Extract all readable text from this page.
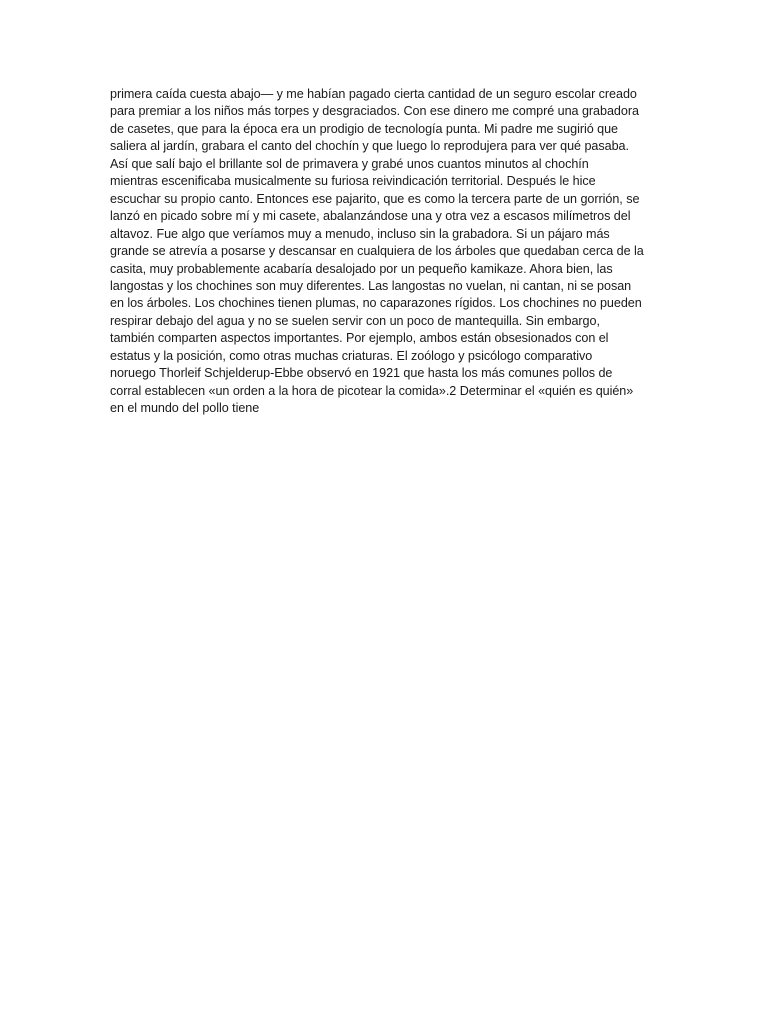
primera caída cuesta abajo— y me habían pagado cierta cantidad de un seguro escolar creado
para premiar a los niños más torpes y desgraciados. Con ese dinero me compré una grabadora
de casetes, que para la época era un prodigio de tecnología punta. Mi padre me sugirió que
saliera al jardín, grabara el canto del chochín y que luego lo reprodujera para ver qué pasaba.
Así que salí bajo el brillante sol de primavera y grabé unos cuantos minutos al chochín
mientras escenificaba musicalmente su furiosa reivindicación territorial. Después le hice
escuchar su propio canto. Entonces ese pajarito, que es como la tercera parte de un gorrión, se
lanzó en picado sobre mí y mi casete, abalanzándose una y otra vez a escasos milímetros del
altavoz. Fue algo que veríamos muy a menudo, incluso sin la grabadora. Si un pájaro más
grande se atrevía a posarse y descansar en cualquiera de los árboles que quedaban cerca de la
casita, muy probablemente acabaría desalojado por un pequeño kamikaze. Ahora bien, las
langostas y los chochines son muy diferentes. Las langostas no vuelan, ni cantan, ni se posan
en los árboles. Los chochines tienen plumas, no caparazones rígidos. Los chochines no pueden
respirar debajo del agua y no se suelen servir con un poco de mantequilla. Sin embargo,
también comparten aspectos importantes. Por ejemplo, ambos están obsesionados con el
estatus y la posición, como otras muchas criaturas. El zoólogo y psicólogo comparativo
noruego Thorleif Schjelderup-Ebbe observó en 1921 que hasta los más comunes pollos de
corral establecen «un orden a la hora de picotear la comida».2 Determinar el «quién es quién»
en el mundo del pollo tiene
